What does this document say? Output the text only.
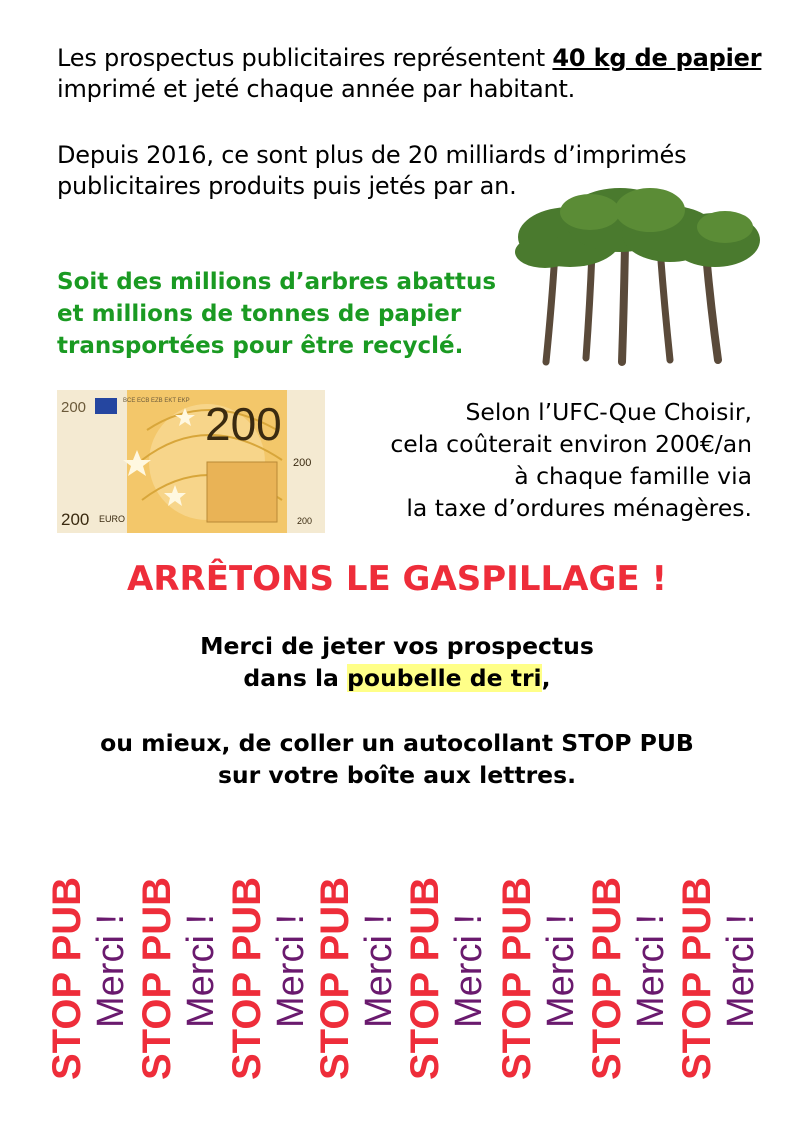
Les prospectus publicitaires représentent 40 kg de papier imprimé et jeté chaque année par habitant.

Depuis 2016, ce sont plus de 20 milliards d’imprimés publicitaires produits puis jetés par an.

Soit des millions d’arbres abattus
et millions de tonnes de papier
transportées pour être recyclé.

200	BCE ECB EZB EKT EKP 200
200
200 EURO	200

Selon l’UFC-Que Choisir,
cela coûterait environ 200€/an
à chaque famille via
la taxe d’ordures ménagères.

ARRÊTONS LE GASPILLAGE !

Merci de jeter vos prospectus
dans la poubelle de tri,

ou mieux, de coller un autocollant STOP PUB
sur votre boîte aux lettres.

STOP PUB Merci ! STOP PUB Merci ! STOP PUB Merci ! STOP PUB Merci ! STOP PUB Merci ! STOP PUB Merci ! STOP PUB Merci ! STOP PUB Merci !
